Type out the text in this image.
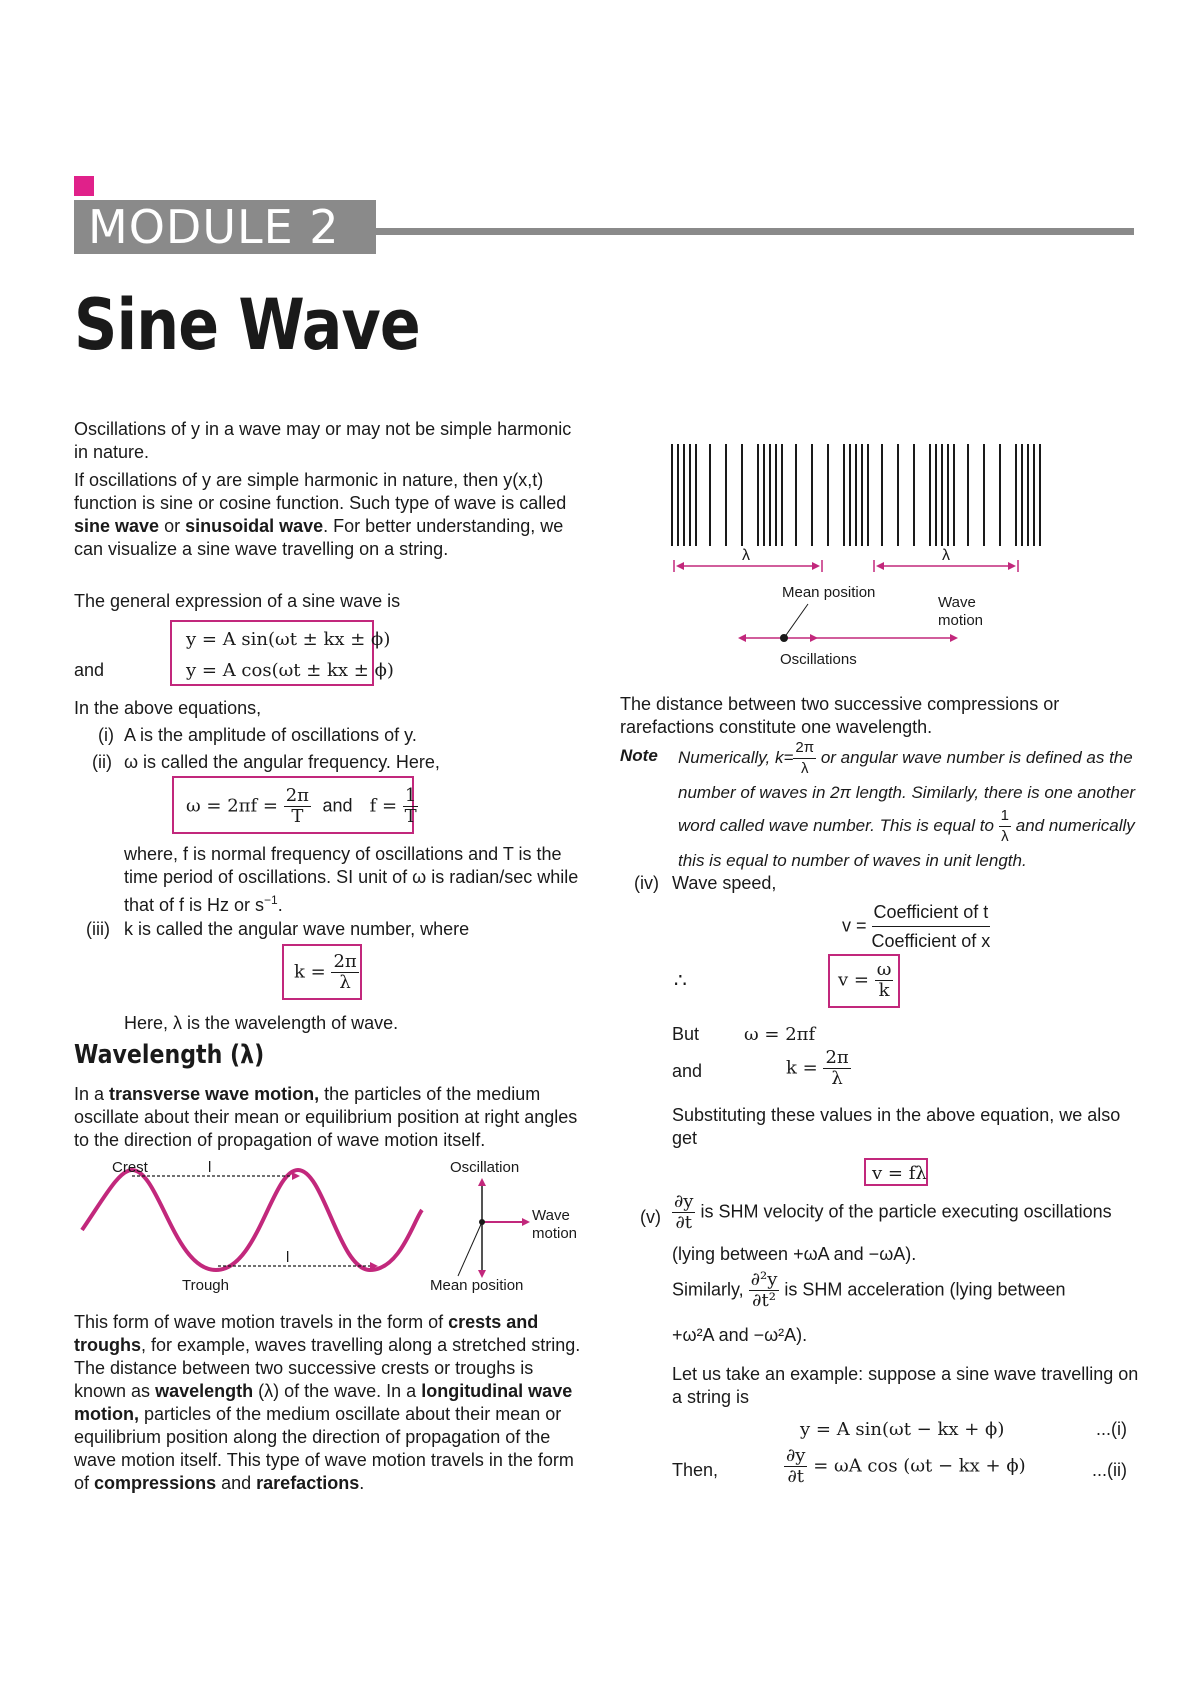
MODULE 2
Sine Wave
Oscillations of y in a wave may or may not be simple harmonic in nature.
If oscillations of y are simple harmonic in nature, then y(x,t) function is sine or cosine function. Such type of wave is called sine wave or sinusoidal wave. For better understanding, we can visualize a sine wave travelling on a string.
The general expression of a sine wave is
y = A sin(ωt ± kx ± ϕ)
y = A cos(ωt ± kx ± ϕ)
and
In the above equations,
(i) A is the amplitude of oscillations of y.
(ii) ω is called the angular frequency. Here,
$\omega = 2\pi f = \frac{2\pi}{T}$ and $f = \frac{1}{T}$
where, f is normal frequency of oscillations and T is the time period of oscillations. SI unit of ω is radian/sec while that of f is Hz or $s^{-1}$.
(iii) k is called the angular wave number, where
$k = \frac{2\pi}{\lambda}$
Here, λ is the wavelength of wave.
Wavelength (λ)
In a transverse wave motion, the particles of the medium oscillate about their mean or equilibrium position at right angles to the direction of propagation of wave motion itself.
Crest	l
Trough
l
Oscillation
Wave
motion
Mean position
This form of wave motion travels in the form of crests and troughs, for example, waves travelling along a stretched string. The distance between two successive crests or troughs is known as wavelength (λ) of the wave. In a longitudinal wave motion, particles of the medium oscillate about their mean or equilibrium position along the direction of propagation of the wave motion itself. This type of wave motion travels in the form of compressions and rarefactions.
λ	λ
Mean position
Wave
motion
Oscillations
The distance between two successive compressions or rarefactions constitute one wavelength.
Note Numerically, $k= \frac{2\pi}{\lambda}$ or angular wave number is defined as the
number of waves in 2π length. Similarly, there is one another
word called wave number. This is equal to $\frac{1}{\lambda}$ and numerically
this is equal to number of waves in unit length.
(iv) Wave speed,
$v = \frac{\text{Coefficient of t}}{\text{Coefficient of x}}$
∴	$v = \frac{\omega}{k}$
But ω = 2πf
and	$k = \frac{2\pi}{\lambda}$
Substituting these values in the above equation, we also get
v = fλ
$(v) \frac{\partial y}{\partial t}$ is SHM velocity of the particle executing oscillations
(lying between +ωA and −ωA).
Similarly, $\frac{\text{∂²y}}{\text{∂t²}}$ is SHM acceleration (lying between
+ω²A and −ω²A).
Let us take an example: suppose a sine wave travelling on a string is
y = A sin(ωt − kx + ϕ)	...(i)
Then,	$\frac{\partial y}{\partial t} = \omega A$ cos (ωt − kx + ϕ)	...(ii)
